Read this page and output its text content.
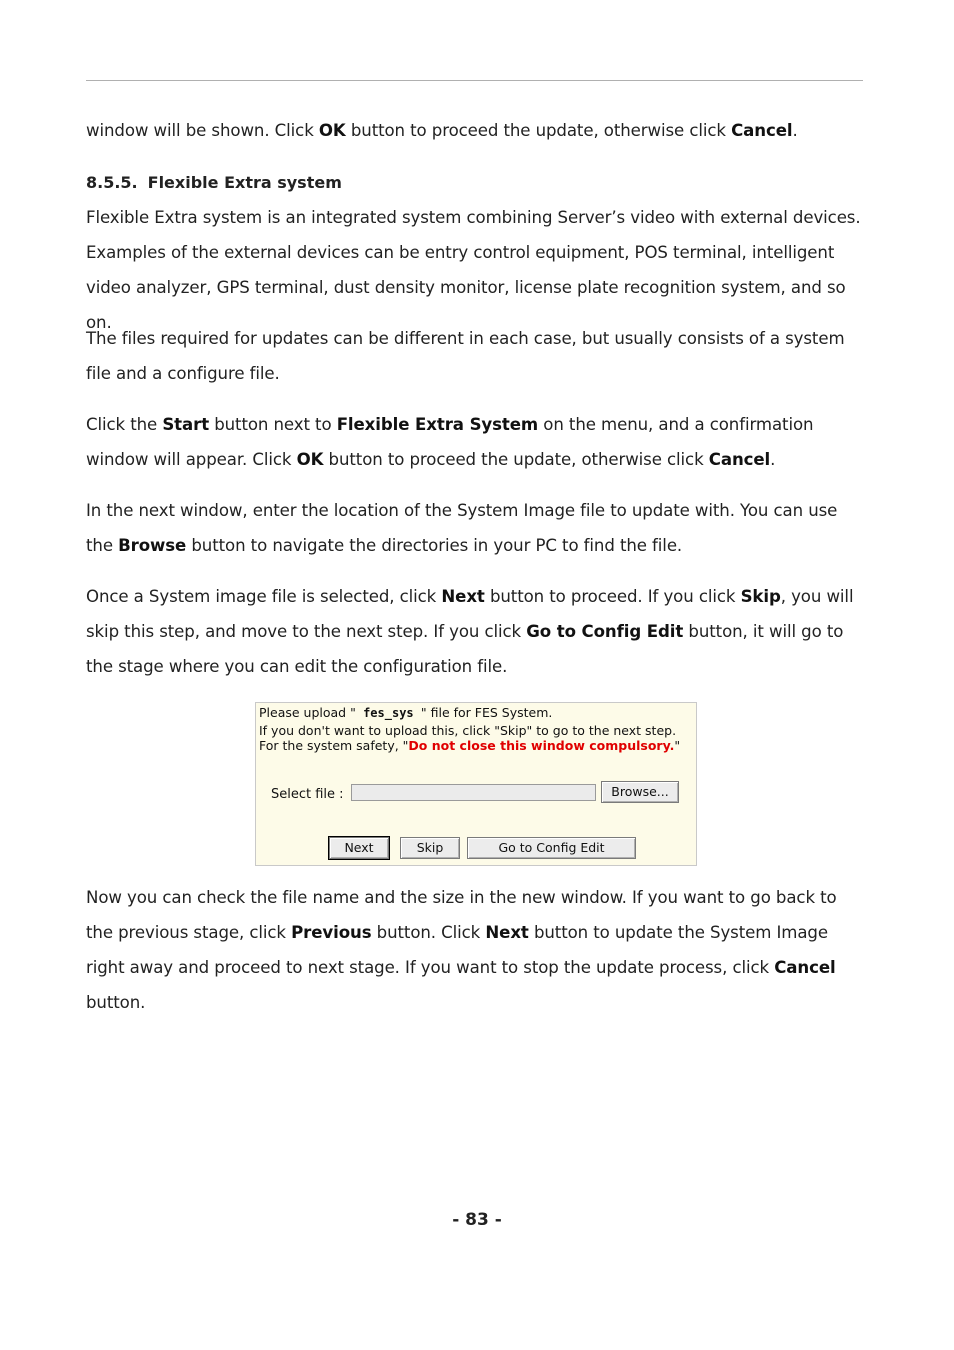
window will be shown. Click OK button to proceed the update, otherwise click Cancel.
8.5.5. Flexible Extra system
Flexible Extra system is an integrated system combining Server’s video with external devices. Examples of the external devices can be entry control equipment, POS terminal, intelligent video analyzer, GPS terminal, dust density monitor, license plate recognition system, and so on.
The files required for updates can be different in each case, but usually consists of a system file and a configure file.
Click the Start button next to Flexible Extra System on the menu, and a confirmation window will appear. Click OK button to proceed the update, otherwise click Cancel.
In the next window, enter the location of the System Image file to update with. You can use the Browse button to navigate the directories in your PC to find the file.
Once a System image file is selected, click Next button to proceed. If you click Skip, you will skip this step, and move to the next step. If you click Go to Config Edit button, it will go to the stage where you can edit the configuration file.
Please upload " fes_sys " file for FES System.
If you don't want to upload this, click "Skip" to go to the next step.
For the system safety, "Do not close this window compulsory."
Select file :	Browse...
Next	Skip	Go to Config Edit
Now you can check the file name and the size in the new window. If you want to go back to the previous stage, click Previous button. Click Next button to update the System Image right away and proceed to next stage. If you want to stop the update process, click Cancel button.
- 83 -
